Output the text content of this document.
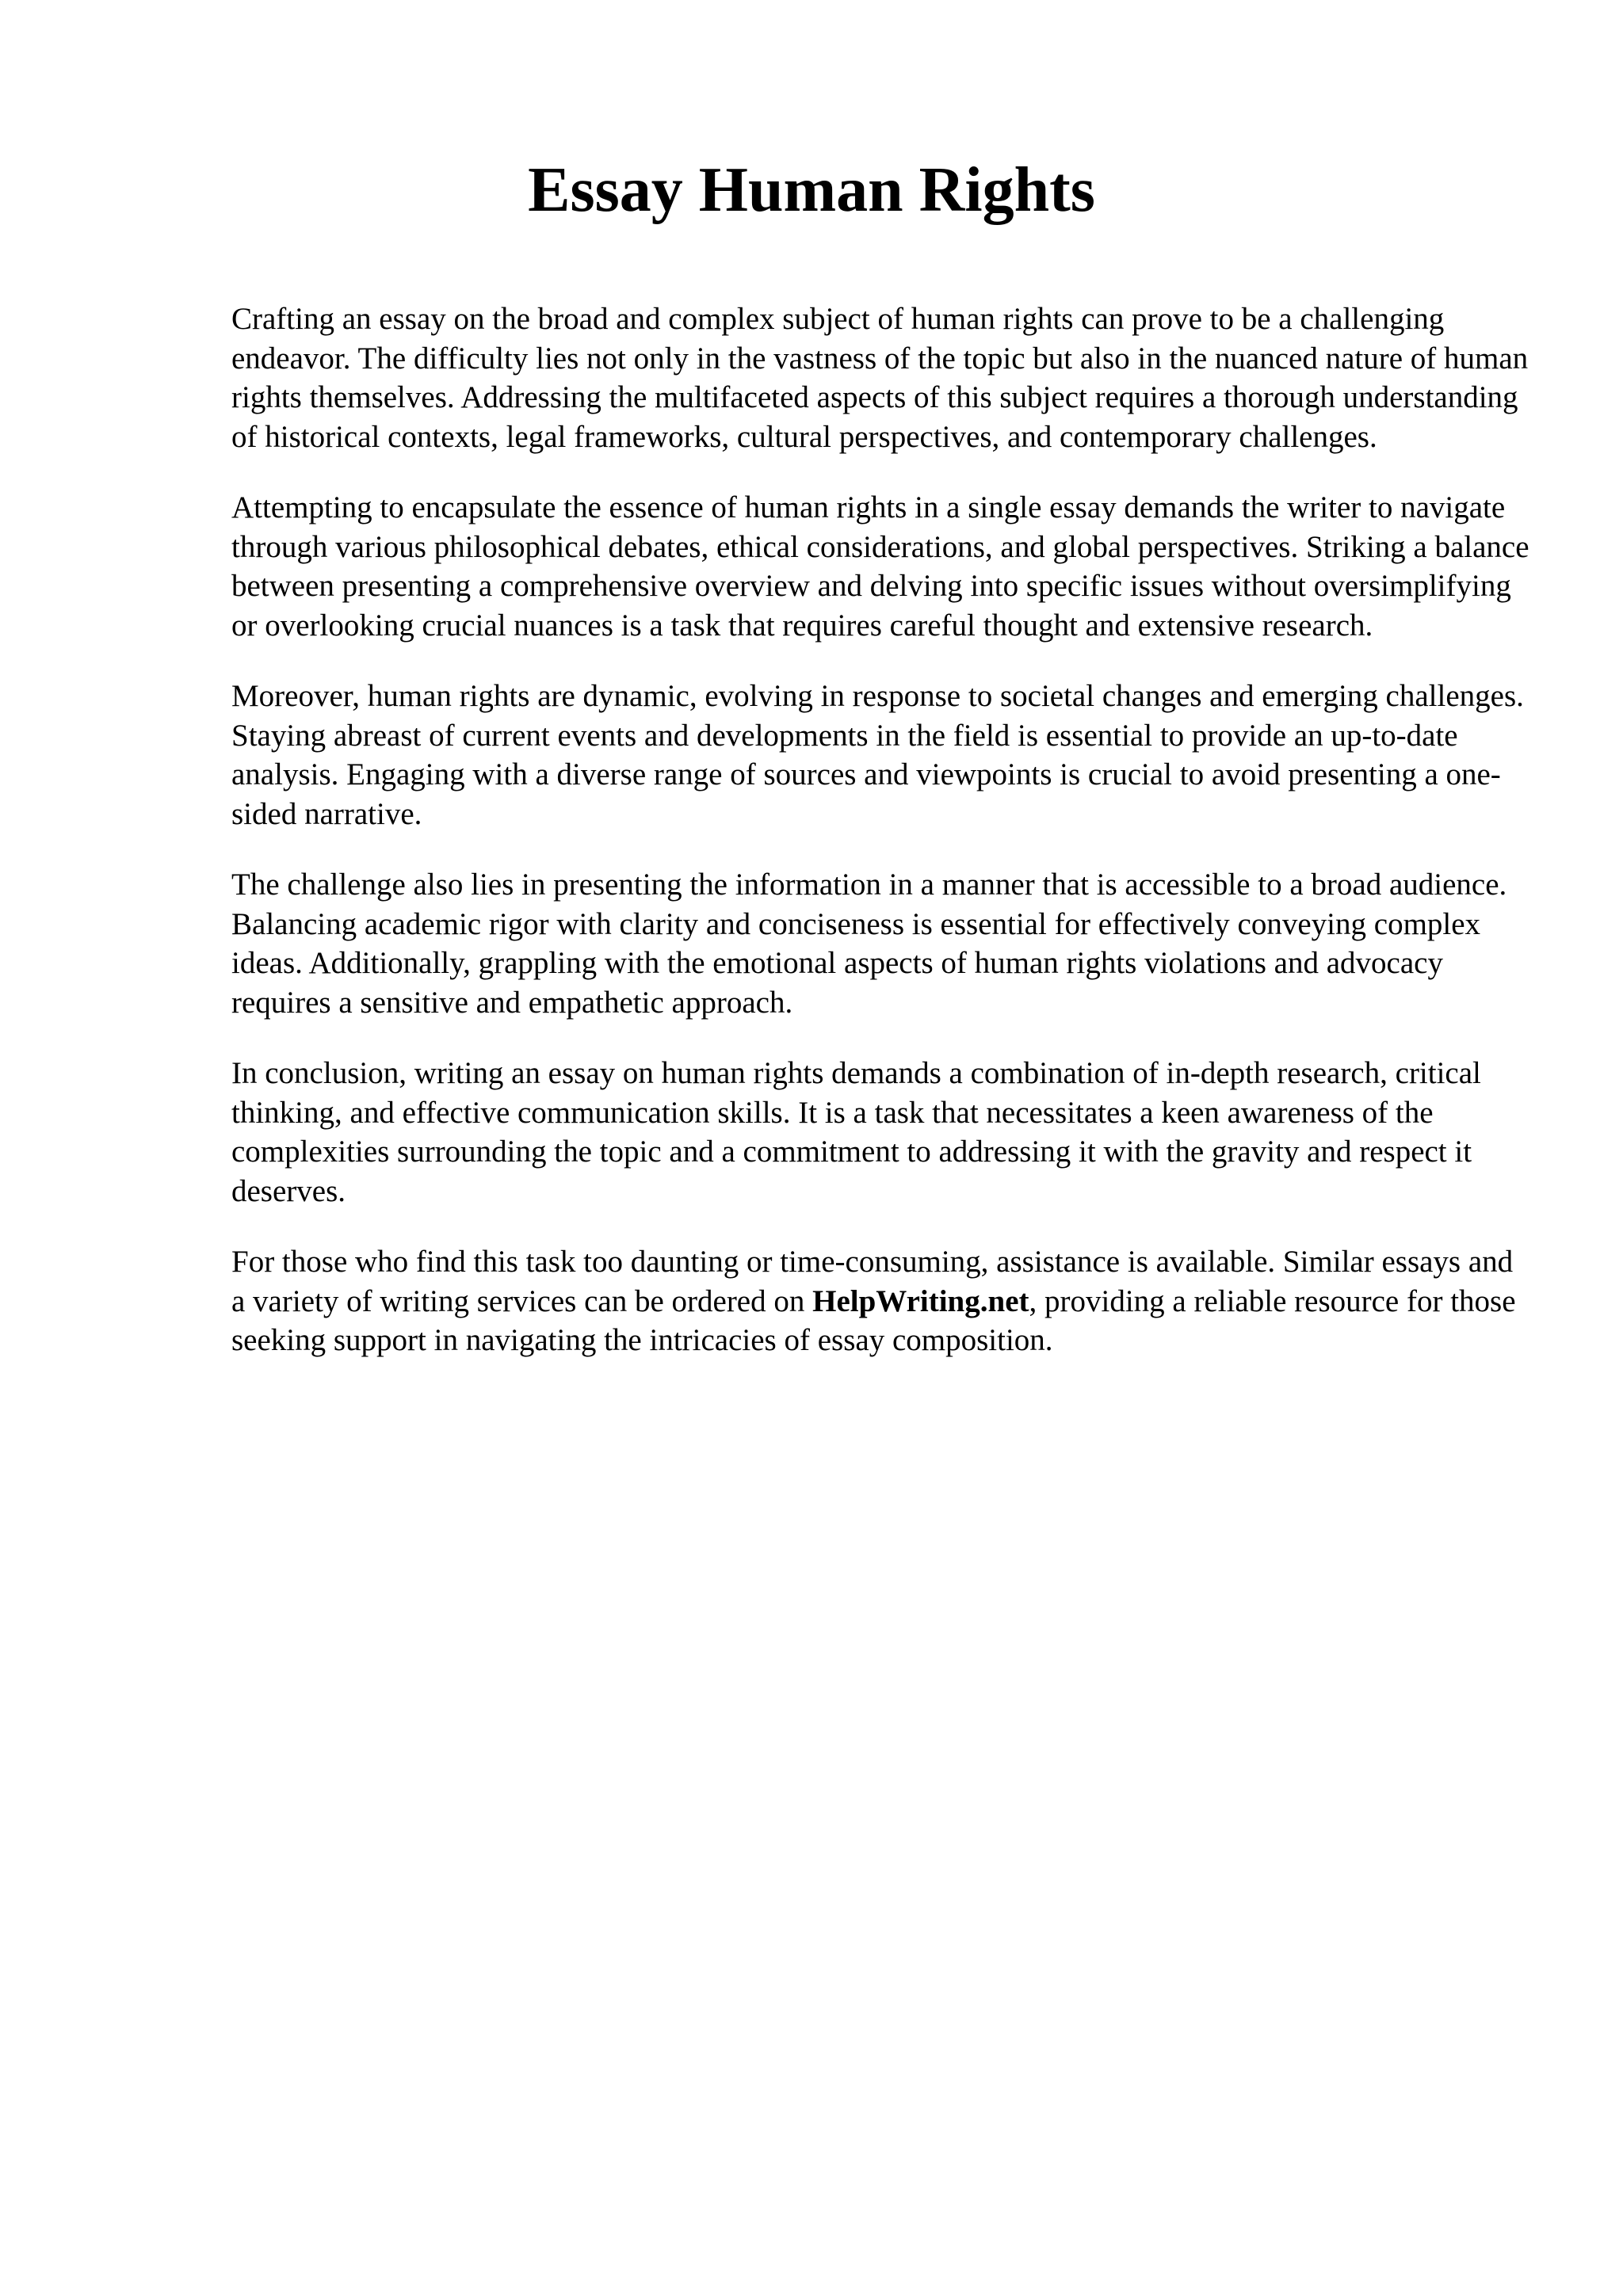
Essay Human Rights

Crafting an essay on the broad and complex subject of human rights can prove to be a challenging endeavor. The difficulty lies not only in the vastness of the topic but also in the nuanced nature of human rights themselves. Addressing the multifaceted aspects of this subject requires a thorough understanding of historical contexts, legal frameworks, cultural perspectives, and contemporary challenges.

Attempting to encapsulate the essence of human rights in a single essay demands the writer to navigate through various philosophical debates, ethical considerations, and global perspectives. Striking a balance between presenting a comprehensive overview and delving into specific issues without oversimplifying or overlooking crucial nuances is a task that requires careful thought and extensive research.

Moreover, human rights are dynamic, evolving in response to societal changes and emerging challenges. Staying abreast of current events and developments in the field is essential to provide an up-to-date analysis. Engaging with a diverse range of sources and viewpoints is crucial to avoid presenting a one-sided narrative.

The challenge also lies in presenting the information in a manner that is accessible to a broad audience. Balancing academic rigor with clarity and conciseness is essential for effectively conveying complex ideas. Additionally, grappling with the emotional aspects of human rights violations and advocacy requires a sensitive and empathetic approach.

In conclusion, writing an essay on human rights demands a combination of in-depth research, critical thinking, and effective communication skills. It is a task that necessitates a keen awareness of the complexities surrounding the topic and a commitment to addressing it with the gravity and respect it deserves.

For those who find this task too daunting or time-consuming, assistance is available. Similar essays and a variety of writing services can be ordered on HelpWriting.net, providing a reliable resource for those seeking support in navigating the intricacies of essay composition.
